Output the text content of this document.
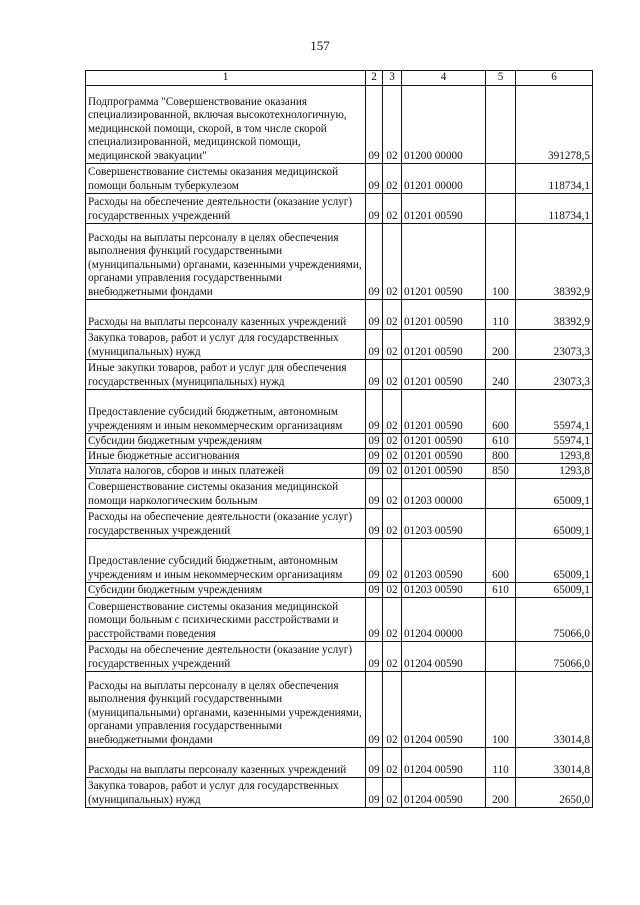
157
1	2	3	4	5	6
Подпрограмма "Совершенствование оказания специализированной, включая высокотехнологичную, медицинской помощи, скорой, в том числе скорой специализированной, медицинской помощи, медицинской эвакуации"	09	02	01200 00000		391278,5
Совершенствование системы оказания медицинской помощи больным туберкулезом	09	02	01201 00000		118734,1
Расходы на обеспечение деятельности (оказание услуг) государственных учреждений	09	02	01201 00590		118734,1
Расходы на выплаты персоналу в целях обеспечения выполнения функций государственными (муниципальными) органами, казенными учреждениями, органами управления государственными внебюджетными фондами	09	02	01201 00590	100	38392,9
Расходы на выплаты персоналу казенных учреждений	09	02	01201 00590	110	38392,9
Закупка товаров, работ и услуг для государственных (муниципальных) нужд	09	02	01201 00590	200	23073,3
Иные закупки товаров, работ и услуг для обеспечения государственных (муниципальных) нужд	09	02	01201 00590	240	23073,3
Предоставление субсидий бюджетным, автономным учреждениям и иным некоммерческим организациям	09	02	01201 00590	600	55974,1
Субсидии бюджетным учреждениям	09	02	01201 00590	610	55974,1
Иные бюджетные ассигнования	09	02	01201 00590	800	1293,8
Уплата налогов, сборов и иных платежей	09	02	01201 00590	850	1293,8
Совершенствование системы оказания медицинской помощи наркологическим больным	09	02	01203 00000		65009,1
Расходы на обеспечение деятельности (оказание услуг) государственных учреждений	09	02	01203 00590		65009,1
Предоставление субсидий бюджетным, автономным учреждениям и иным некоммерческим организациям	09	02	01203 00590	600	65009,1
Субсидии бюджетным учреждениям	09	02	01203 00590	610	65009,1
Совершенствование системы оказания медицинской помощи больным с психическими расстройствами и расстройствами поведения	09	02	01204 00000		75066,0
Расходы на обеспечение деятельности (оказание услуг) государственных учреждений	09	02	01204 00590		75066,0
Расходы на выплаты персоналу в целях обеспечения выполнения функций государственными (муниципальными) органами, казенными учреждениями, органами управления государственными внебюджетными фондами	09	02	01204 00590	100	33014,8
Расходы на выплаты персоналу казенных учреждений	09	02	01204 00590	110	33014,8
Закупка товаров, работ и услуг для государственных (муниципальных) нужд	09	02	01204 00590	200	2650,0
